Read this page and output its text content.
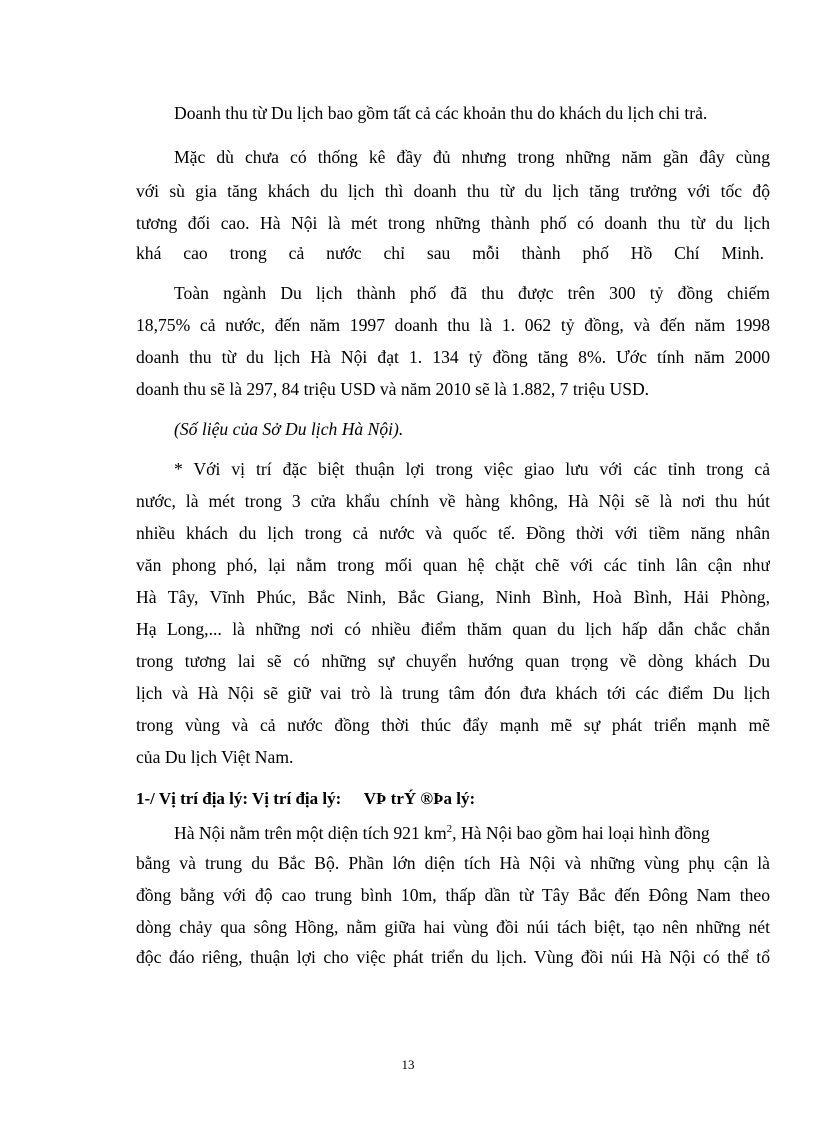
Doanh thu từ Du lịch bao gồm tất cả các khoản thu do khách du lịch chi trả.
Mặc dù chưa có thống kê đầy đủ nhưng trong những năm gần đây cùng
với sù gia tăng khách du lịch thì doanh thu từ du lịch tăng trưởng với tốc độ
tương đối cao. Hà Nội là mét trong những thành phố có doanh thu từ du lịch
khá cao trong cả nước chỉ sau mỗi thành phố Hồ Chí Minh.
Toàn ngành Du lịch thành phố đã thu được trên 300 tỷ đồng chiếm
18,75% cả nước, đến năm 1997 doanh thu là 1. 062 tỷ đồng, và đến năm 1998
doanh thu từ du lịch Hà Nội đạt 1. 134 tỷ đồng tăng 8%. Ước tính năm 2000
doanh thu sẽ là 297, 84 triệu USD và năm 2010 sẽ là 1.882, 7 triệu USD.
(Số liệu của Sở Du lịch Hà Nội).
* Với vị trí đặc biệt thuận lợi trong việc giao lưu với các tỉnh trong cả
nước, là mét trong 3 cửa khẩu chính về hàng không, Hà Nội sẽ là nơi thu hút
nhiều khách du lịch trong cả nước và quốc tế. Đồng thời với tiềm năng nhân
văn phong phó, lại nằm trong mối quan hệ chặt chẽ với các tỉnh lân cận như
Hà Tây, Vĩnh Phúc, Bắc Ninh, Bắc Giang, Ninh Bình, Hoà Bình, Hải Phòng,
Hạ Long,... là những nơi có nhiều điểm thăm quan du lịch hấp dẫn chắc chắn
trong tương lai sẽ có những sự chuyển hướng quan trọng về dòng khách Du
lịch và Hà Nội sẽ giữ vai trò là trung tâm đón đưa khách tới các điểm Du lịch
trong vùng và cả nước đồng thời thúc đẩy mạnh mẽ sự phát triển mạnh mẽ
của Du lịch Việt Nam.
1-/ Vị trí địa lý: Vị trí địa lý: VÞ trÝ ®Þa lý:
Hà Nội nằm trên một diện tích 921 $km^2$, Hà Nội bao gồm hai loại hình đồng
bằng và trung du Bắc Bộ. Phần lớn diện tích Hà Nội và những vùng phụ cận là
đồng bằng với độ cao trung bình 10m, thấp dần từ Tây Bắc đến Đông Nam theo
dòng chảy qua sông Hồng, nằm giữa hai vùng đồi núi tách biệt, tạo nên những nét
độc đáo riêng, thuận lợi cho việc phát triển du lịch. Vùng đồi núi Hà Nội có thể tổ
13
